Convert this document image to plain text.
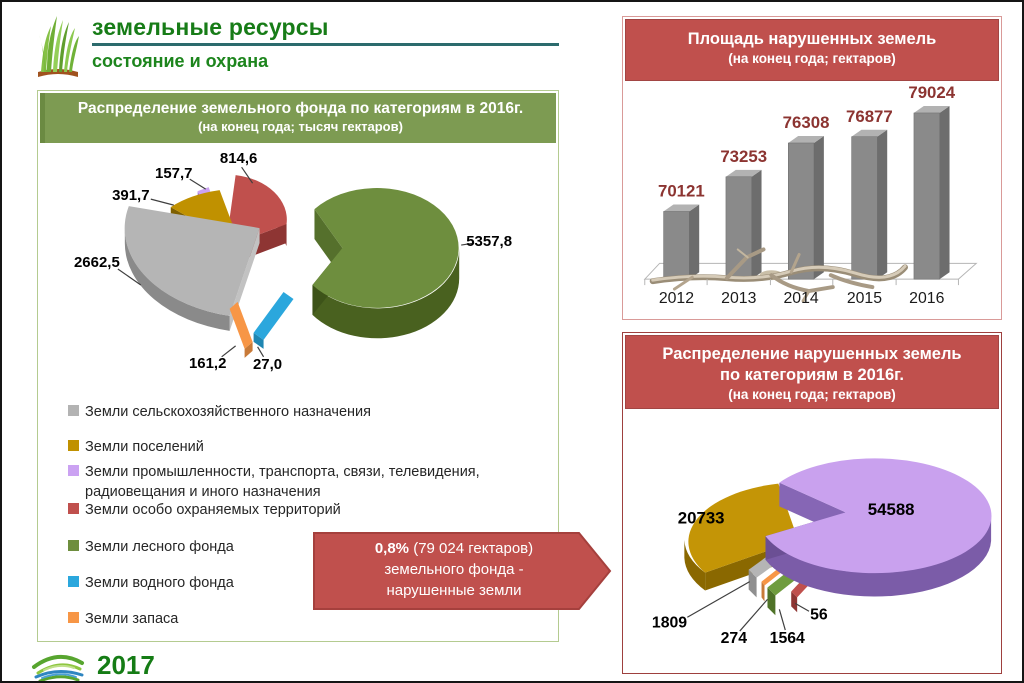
земельные ресурсы
состояние и охрана
Распределение земельного фонда по категориям в 2016г.
(на конец года; тысяч гектаров)
2662,5
391,7
157,7
814,6
5357,8
27,0
161,2
Земли сельскохозяйственного назначения
Земли поселений
Земли промышленности, транспорта, связи, телевидения, радиовещания и иного назначения
Земли особо охраняемых территорий
Земли лесного фонда
Земли водного фонда
Земли запаса
0,8% (79 024 гектаров)
земельного фонда -
нарушенные земли
Площадь нарушенных земель
(на конец года; гектаров)
70121
2012
73253
2013
76308
2014
76877
2015
79024
2016
Распределение нарушенных земель
по категориям в 2016г.
(на конец года; гектаров)
54588
20733
1809
274 1564
56
2017
